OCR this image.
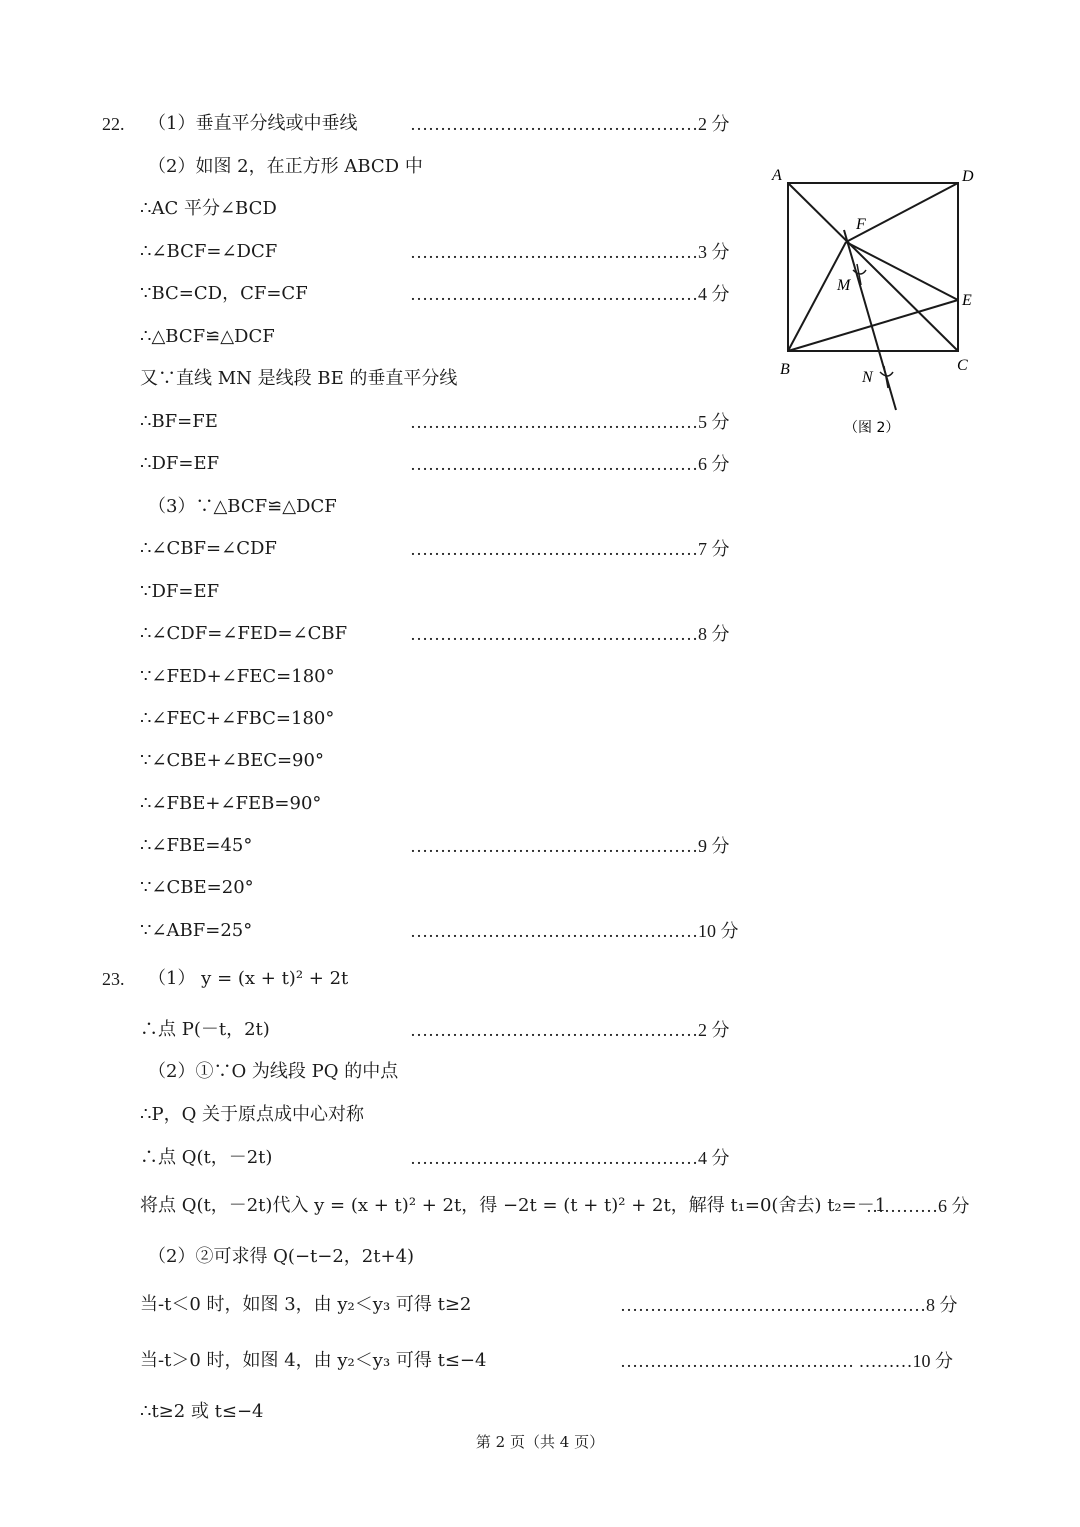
22. （1）垂直平分线或中垂线	…………………………………………2 分
（2）如图 2，在正方形 ABCD 中
∴AC 平分∠BCD
∴∠BCF=∠DCF	…………………………………………3 分
∵BC=CD，CF=CF	…………………………………………4 分
∴△BCF≌△DCF
又∵直线 MN 是线段 BE 的垂直平分线
∴BF=FE	…………………………………………5 分
∴DF=EF	…………………………………………6 分
（3）∵△BCF≌△DCF
∴∠CBF=∠CDF	…………………………………………7 分
∵DF=EF
∴∠CDF=∠FED=∠CBF	…………………………………………8 分
∵∠FED+∠FEC=180°
∴∠FEC+∠FBC=180°
∵∠CBE+∠BEC=90°
∴∠FBE+∠FEB=90°
∴∠FBE=45°	…………………………………………9 分
∵∠CBE=20°
∵∠ABF=25°	…………………………………………10 分
A	D
F
M
E
B	N
C
（图 2）
23. （1） y = (x + t)² + 2t
∴点 P(－t，2t)	…………………………………………2 分
（2）①∵O 为线段 PQ 的中点
∴P，Q 关于原点成中心对称
∴点 Q(t，－2t)	…………………………………………4 分
将点 Q(t，－2t)代入 y = (x + t)² + 2t，得 −2t = (t + t)² + 2t，解得 t₁=0(舍去) t₂=－1
…………6 分
（2）②可求得 Q(−t−2，2t+4)
当-t＜0 时，如图 3，由 y₂＜y₃ 可得 t≥2	……………………………………………8 分
当-t＞0 时，如图 4，由 y₂＜y₃ 可得 t≤−4	………………………………… ………10 分
∴t≥2 或 t≤−4
第 2 页（共 4 页）
